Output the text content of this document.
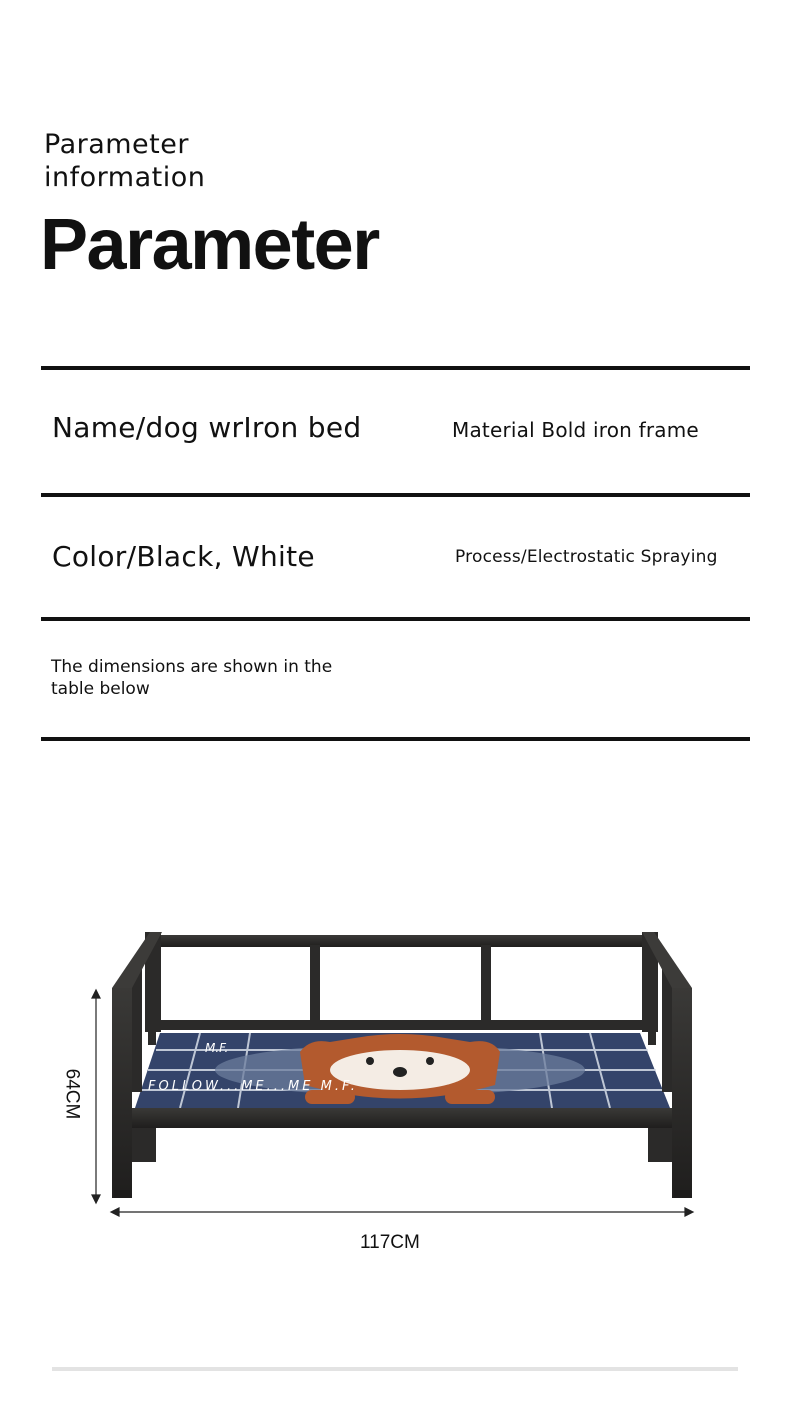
Parameter
information
Parameter
Name/dog wrIron bed	Material Bold iron frame
Color/Black, White	Process/Electrostatic Spraying
The dimensions are shown in the table below
M.F.
FOLLOW...ME...ME M.F.
117CM
64CM
